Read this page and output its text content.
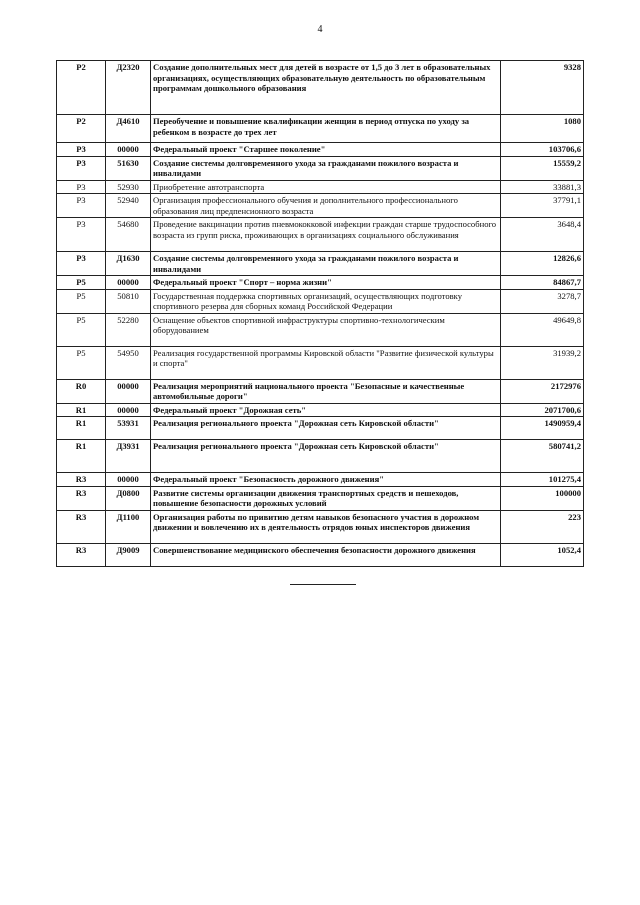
4
P2	Д2320	Создание дополнительных мест для детей в возрасте от 1,5 до 3 лет в образовательных организациях, осуществляющих образовательную деятельность по образовательным программам дошкольного образования	9328
P2	Д4610	Переобучение и повышение квалификации женщин в период отпуска по уходу за ребенком в возрасте до трех лет	1080
P3	00000	Федеральный проект "Старшее поколение"	103706,6
P3	51630	Создание системы долговременного ухода за гражданами пожилого возраста и инвалидами	15559,2
P3	52930	Приобретение автотранспорта	33881,3
P3	52940	Организация профессионального обучения и дополнительного профессионального образования лиц предпенсионного возраста	37791,1
P3	54680	Проведение вакцинации против пневмококковой инфекции граждан старше трудоспособного возраста из групп риска, проживающих в организациях социального обслуживания	3648,4
P3	Д1630	Создание системы долговременного ухода за гражданами пожилого возраста и инвалидами	12826,6
P5	00000	Федеральный проект "Спорт – норма жизни"	84867,7
P5	50810	Государственная поддержка спортивных организаций, осуществляющих подготовку спортивного резерва для сборных команд Российской Федерации	3278,7
P5	52280	Оснащение объектов спортивной инфраструктуры спортивно-технологическим оборудованием	49649,8
P5	54950	Реализация государственной программы Кировской области "Развитие физической культуры и спорта"	31939,2
R0	00000	Реализация мероприятий национального проекта "Безопасные и качественные автомобильные дороги"	2172976
R1	00000	Федеральный проект "Дорожная сеть"	2071700,6
R1	53931	Реализация регионального проекта "Дорожная сеть Кировской области"	1490959,4
R1	Д3931	Реализация регионального проекта "Дорожная сеть Кировской области"	580741,2
R3	00000	Федеральный проект "Безопасность дорожного движения"	101275,4
R3	Д0800	Развитие системы организации движения транспортных средств и пешеходов, повышение безопасности дорожных условий	100000
R3	Д1100	Организация работы по привитию детям навыков безопасного участия в дорожном движении и вовлечению их в деятельность отрядов юных инспекторов движения	223
R3	Д9009	Совершенствование медицинского обеспечения безопасности дорожного движения	1052,4
